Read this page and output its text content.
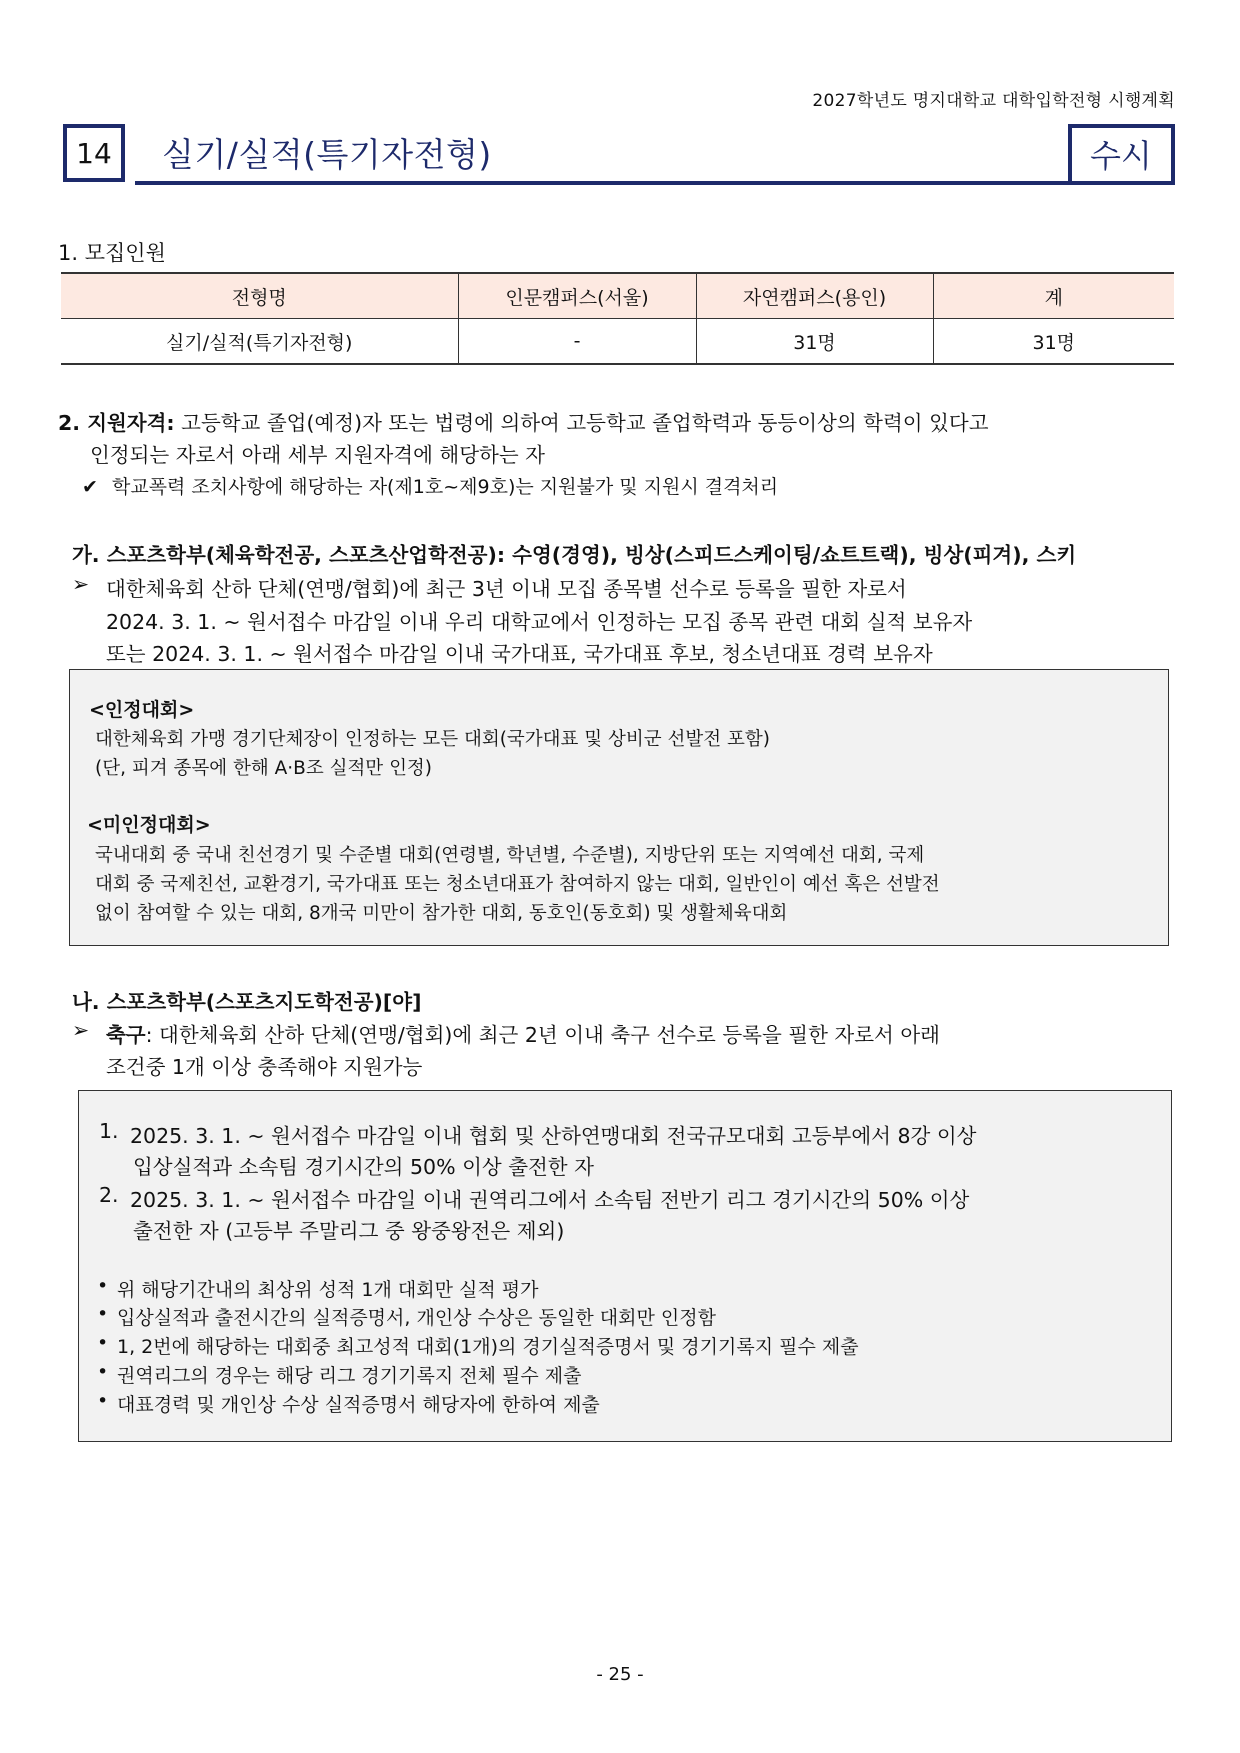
2027학년도 명지대학교 대학입학전형 시행계획
14 실기/실적(특기자전형)	수시
1. 모집인원
전형명	인문캠퍼스(서울)	자연캠퍼스(용인)	계
실기/실적(특기자전형)	-	31명	31명
2. 지원자격: 고등학교 졸업(예정)자 또는 법령에 의하여 고등학교 졸업학력과 동등이상의 학력이 있다고
인정되는 자로서 아래 세부 지원자격에 해당하는 자
✔ 학교폭력 조치사항에 해당하는 자(제1호~제9호)는 지원불가 및 지원시 결격처리
가. 스포츠학부(체육학전공, 스포츠산업학전공): 수영(경영), 빙상(스피드스케이팅/쇼트트랙), 빙상(피겨), 스키
➢ 대한체육회 산하 단체(연맹/협회)에 최근 3년 이내 모집 종목별 선수로 등록을 필한 자로서
2024. 3. 1. ~ 원서접수 마감일 이내 우리 대학교에서 인정하는 모집 종목 관련 대회 실적 보유자
또는 2024. 3. 1. ~ 원서접수 마감일 이내 국가대표, 국가대표 후보, 청소년대표 경력 보유자
<인정대회>
대한체육회 가맹 경기단체장이 인정하는 모든 대회(국가대표 및 상비군 선발전 포함)
(단, 피겨 종목에 한해 A·B조 실적만 인정)
<미인정대회>
국내대회 중 국내 친선경기 및 수준별 대회(연령별, 학년별, 수준별), 지방단위 또는 지역예선 대회, 국제
대회 중 국제친선, 교환경기, 국가대표 또는 청소년대표가 참여하지 않는 대회, 일반인이 예선 혹은 선발전
없이 참여할 수 있는 대회, 8개국 미만이 참가한 대회, 동호인(동호회) 및 생활체육대회
나. 스포츠학부(스포츠지도학전공)[야]
➢ 축구: 대한체육회 산하 단체(연맹/협회)에 최근 2년 이내 축구 선수로 등록을 필한 자로서 아래
조건중 1개 이상 충족해야 지원가능
1. 2025. 3. 1. ~ 원서접수 마감일 이내 협회 및 산하연맹대회 전국규모대회 고등부에서 8강 이상
입상실적과 소속팀 경기시간의 50% 이상 출전한 자
2. 2025. 3. 1. ~ 원서접수 마감일 이내 권역리그에서 소속팀 전반기 리그 경기시간의 50% 이상
출전한 자 (고등부 주말리그 중 왕중왕전은 제외)
• 위 해당기간내의 최상위 성적 1개 대회만 실적 평가
• 입상실적과 출전시간의 실적증명서, 개인상 수상은 동일한 대회만 인정함
• 1, 2번에 해당하는 대회중 최고성적 대회(1개)의 경기실적증명서 및 경기기록지 필수 제출
• 권역리그의 경우는 해당 리그 경기기록지 전체 필수 제출
• 대표경력 및 개인상 수상 실적증명서 해당자에 한하여 제출
- 25 -
